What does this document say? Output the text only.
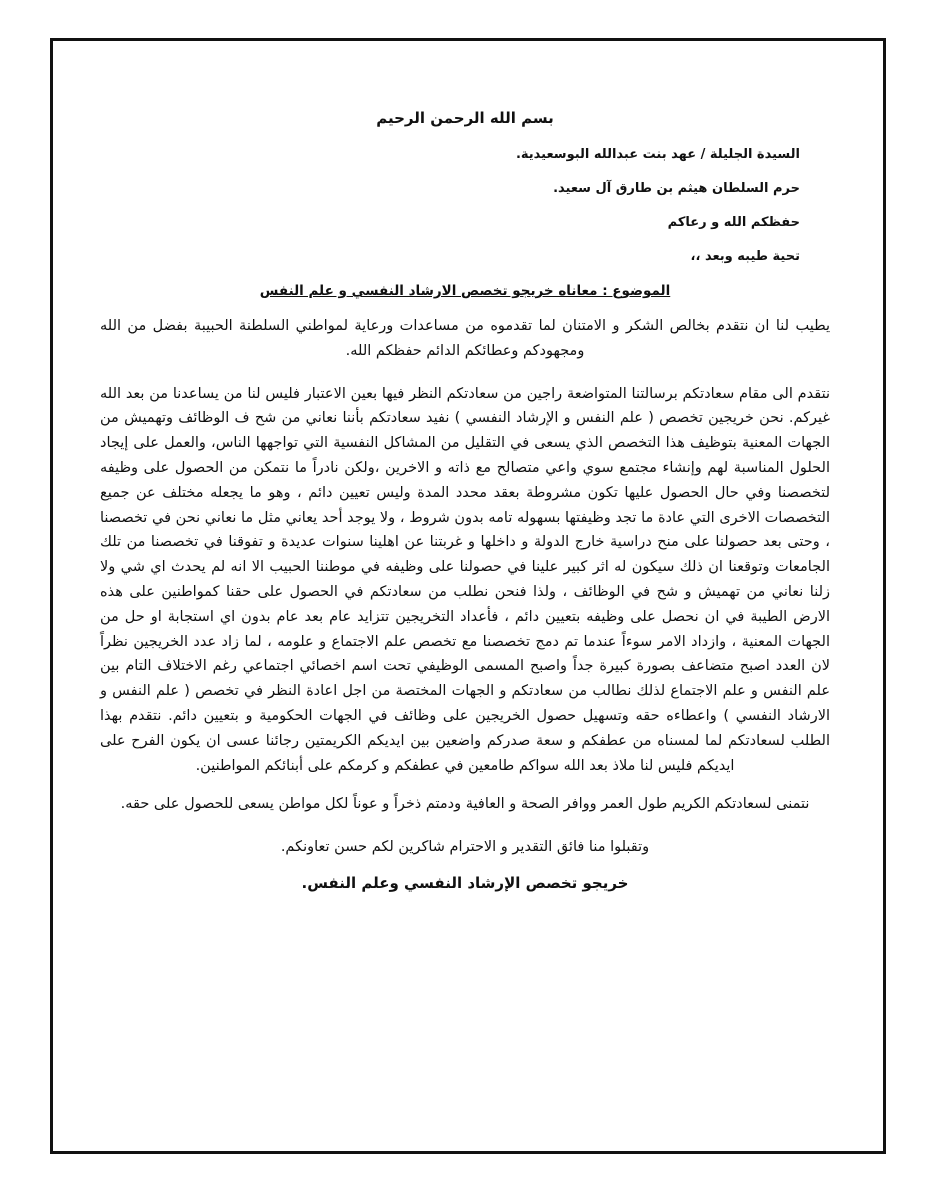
بسم الله الرحمن الرحيم
السيدة الجليلة / عهد بنت عبدالله البوسعيدية.
حرم السلطان هيثم بن طارق آل سعيد.
حفظكم الله و رعاكم
تحية طيبه وبعد ،،
الموضوع : معاناه خريجو تخصص الارشاد النفسي و علم النفس

يطيب لنا ان نتقدم بخالص الشكر و الامتنان لما تقدموه من مساعدات ورعاية لمواطني السلطنة الحبيبة بفضل من الله ومجهودكم وعطائكم الدائم حفظكم الله.

نتقدم الى مقام سعادتكم برسالتنا المتواضعة راجين من سعادتكم النظر فيها بعين الاعتبار فليس لنا من يساعدنا من بعد الله غيركم. نحن خريجين تخصص ( علم النفس و الإرشاد النفسي ) نفيد سعادتكم بأننا نعاني من شح ف الوظائف وتهميش من الجهات المعنية بتوظيف هذا التخصص الذي يسعى في التقليل من المشاكل النفسية التي تواجهها الناس، والعمل على إيجاد الحلول المناسبة لهم وإنشاء مجتمع سوي واعي متصالح مع ذاته و الاخرين ،ولكن نادراً ما نتمكن من الحصول على وظيفه لتخصصنا وفي حال الحصول عليها تكون مشروطة بعقد محدد المدة وليس تعيين دائم ، وهو ما يجعله مختلف عن جميع التخصصات الاخرى التي عادة ما تجد وظيفتها بسهوله تامه بدون شروط ، ولا يوجد أحد يعاني مثل ما نعاني نحن في تخصصنا ، وحتى بعد حصولنا على منح دراسية خارج الدولة و داخلها و غربتنا عن اهلينا سنوات عديدة و تفوقنا في تخصصنا من تلك الجامعات وتوقعنا ان ذلك سيكون له اثر كبير علينا في حصولنا على وظيفه في موطننا الحبيب الا انه لم يحدث اي شي ولا زلنا نعاني من تهميش و شح في الوظائف ، ولذا فنحن نطلب من سعادتكم في الحصول على حقنا كمواطنين على هذه الارض الطيبة في ان نحصل على وظيفه بتعيين دائم ، فأعداد التخريجين تتزايد عام بعد عام بدون اي استجابة او حل من الجهات المعنية ، وازداد الامر سوءاً عندما تم دمج تخصصنا مع تخصص علم الاجتماع و علومه ، لما زاد عدد الخريجين نظراً لان العدد اصبح متضاعف بصورة كبيرة جداً واصبح المسمى الوظيفي تحت اسم اخصائي اجتماعي رغم الاختلاف التام بين علم النفس و علم الاجتماع لذلك نطالب من سعادتكم و الجهات المختصة من اجل اعادة النظر في تخصص ( علم النفس و الارشاد النفسي ) واعطاءه حقه وتسهيل حصول الخريجين على وظائف في الجهات الحكومية و بتعيين دائم. نتقدم بهذا الطلب لسعادتكم لما لمسناه من عطفكم و سعة صدركم واضعين بين ايديكم الكريمتين رجائنا عسى ان يكون الفرح على ايديكم فليس لنا ملاذ بعد الله سواكم طامعين في عطفكم و كرمكم على أبنائكم المواطنين.

نتمنى لسعادتكم الكريم طول العمر ووافر الصحة و العافية ودمتم ذخراً و عوناً لكل مواطن يسعى للحصول على حقه.

وتقبلوا منا فائق التقدير و الاحترام شاكرين لكم حسن تعاونكم.
خريجو تخصص الإرشاد النفسي وعلم النفس.
